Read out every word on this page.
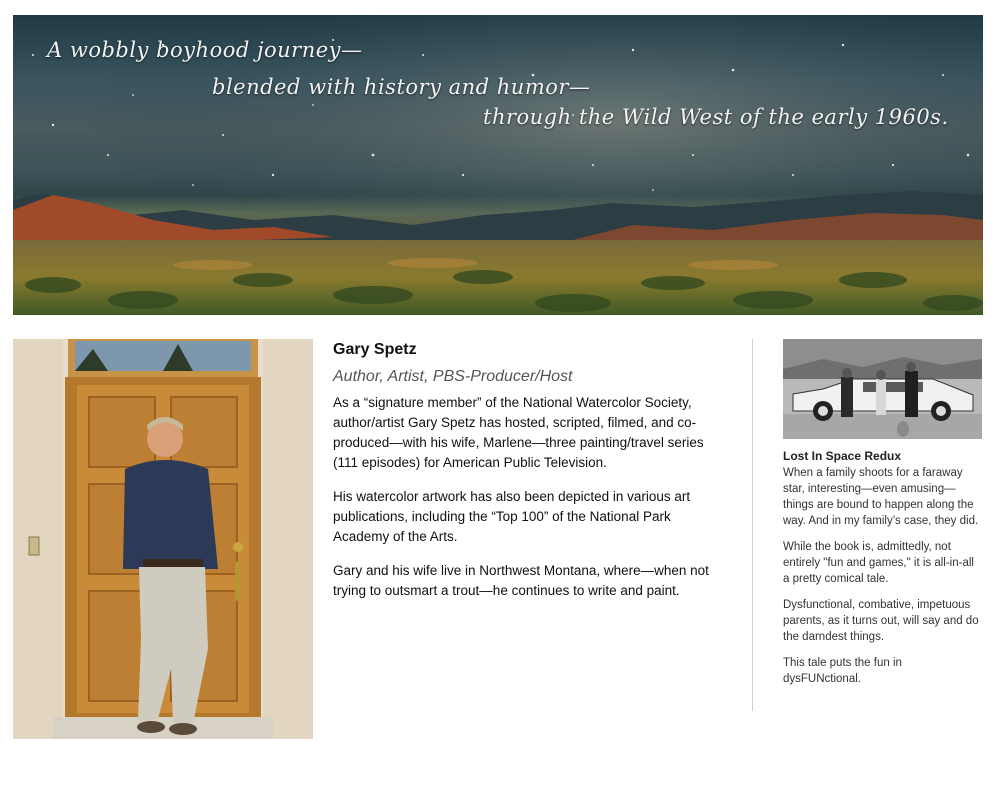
A wobbly boyhood journey—
blended with history and humor—
through the Wild West of the early 1960s.
Gary Spetz
Author, Artist, PBS-Producer/Host

As a “signature member” of the National Watercolor Society, author/artist Gary Spetz has hosted, scripted, filmed, and co-produced—with his wife, Marlene—three painting/travel series (111 episodes) for American Public Television.

His watercolor artwork has also been depicted in various art publications, including the “Top 100” of the National Park Academy of the Arts.

Gary and his wife live in Northwest Montana, where—when not trying to outsmart a trout—he continues to write and paint.

Lost In Space Redux

When a family shoots for a faraway star, interesting—even amusing—things are bound to happen along the way. And in my family’s case, they did.

While the book is, admittedly, not entirely "fun and games," it is all-in-all a pretty comical tale.

Dysfunctional, combative, impetuous parents, as it turns out, will say and do the darndest things.

This tale puts the fun in dysFUNctional.
